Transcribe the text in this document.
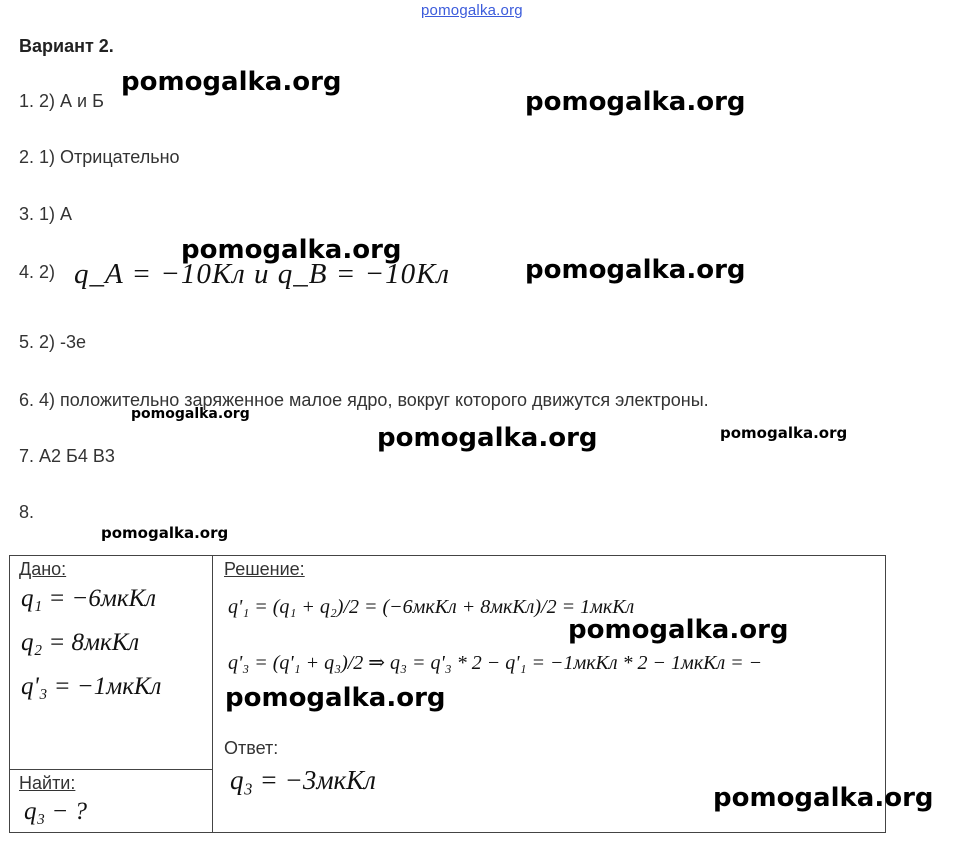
pomogalka.org
Вариант 2.
1. 2) А и Б
2. 1) Отрицательно
3. 1) А
4. 2) q_A = −10Кл и q_B = −10Кл
5. 2) -3e
6. 4) положительно заряженное малое ядро, вокруг которого движутся электроны.
7. А2 Б4 В3
8.
Дано:
q₁ = −6мкКл
q₂ = 8мкКл
q'₃ = −1мкКл
Найти:
q₃ − ?
Решение:
q'₁ = (q₁ + q₂)/2 = (−6мкКл + 8мкКл)/2 = 1мкКл
q'₃ = (q'₁ + q₃)/2 ⇒ q₃ = q'₃ * 2 − q'₁ = −1мкКл * 2 − 1мкКл = −
Ответ:
q₃ = −3мкКл
pomogalka.org
pomogalka.org
pomogalka.org
pomogalka.org
pomogalka.org
pomogalka.org	pomogalka.org
pomogalka.org
pomogalka.org
pomogalka.org
pomogalka.org
